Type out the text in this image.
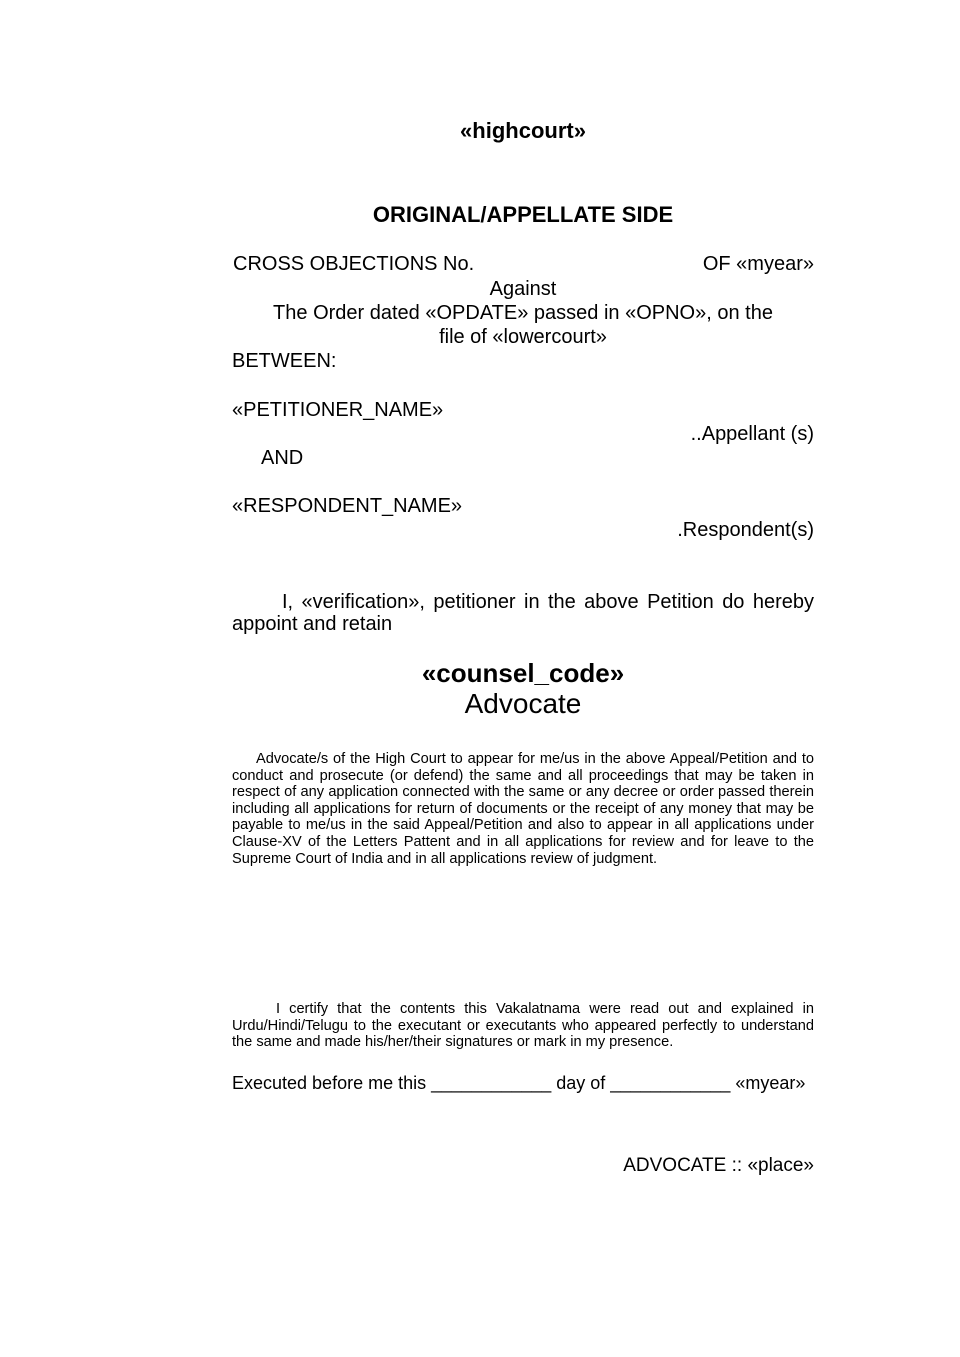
«highcourt»
ORIGINAL/APPELLATE SIDE
CROSS OBJECTIONS No.	OF «myear»
Against
The Order dated «OPDATE» passed in «OPNO», on the
file of «lowercourt»
BETWEEN:
«PETITIONER_NAME»
..Appellant (s)
AND
«RESPONDENT_NAME»
.Respondent(s)
I, «verification», petitioner in the above Petition do hereby appoint and retain
«counsel_code»
Advocate
Advocate/s of the High Court to appear for me/us in the above Appeal/Petition and to conduct and prosecute (or defend) the same and all proceedings that may be taken in respect of any application connected with the same or any decree or order passed therein including all applications for return of documents or the receipt of any money that may be payable to me/us in the said Appeal/Petition and also to appear in all applications under Clause-XV of the Letters Pattent and in all applications for review and for leave to the Supreme Court of India and in all applications review of judgment.
I certify that the contents this Vakalatnama were read out and explained in Urdu/Hindi/Telugu to the executant or executants who appeared perfectly to understand the same and made his/her/their signatures or mark in my presence.
Executed before me this ____________ day of ____________ «myear»
ADVOCATE :: «place»
